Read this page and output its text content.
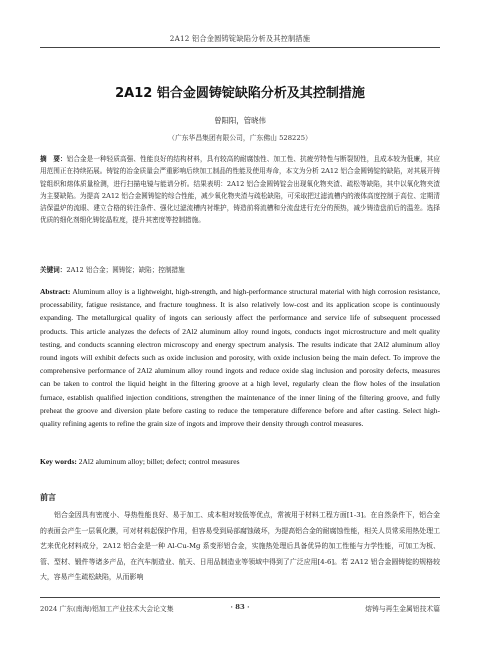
2A12 铝合金圆铸锭缺陷分析及其控制措施
2A12 铝合金圆铸锭缺陷分析及其控制措施
曾阳阳，管晓伟
（广东华昌集团有限公司，广东佛山 528225）
摘　要：铝合金是一种轻质高强、性能良好的结构材料，具有较高的耐腐蚀性、加工性、抗疲劳特性与断裂韧性，且成本较为低廉，其应用范围正在持续拓展。铸锭的冶金质量会严重影响后续加工制品的性能及使用寿命，本文为分析 2A12 铝合金圆铸锭的缺陷，对其展开铸锭组织和熔体质量检测，进行扫描电镜与能谱分析。结果表明：2A12 铝合金圆铸锭会出现氧化物夹渣、疏松等缺陷，其中以氧化物夹渣为主要缺陷。为提高 2A12 铝合金圆铸锭的综合性能，减少氧化物夹渣与疏松缺陷，可采取把过滤流槽内的液体高度控制于高位、定期清洁保温炉的流眼、建立合格的转注条件、强化过滤流槽内衬维护，铸造前将流槽和分流盘进行充分的预热，减少铸造盘前后的温差。选择优质的细化剂细化铸锭晶粒度，提升其密度等控制措施。
关键词：2A12 铝合金；圆铸锭；缺陷；控制措施
Abstract: Aluminum alloy is a lightweight, high-strength, and high-performance structural material with high corrosion resistance, processability, fatigue resistance, and fracture toughness. It is also relatively low-cost and its application scope is continuously expanding. The metallurgical quality of ingots can seriously affect the performance and service life of subsequent processed products. This article analyzes the defects of 2Al2 aluminum alloy round ingots, conducts ingot microstructure and melt quality testing, and conducts scanning electron microscopy and energy spectrum analysis. The results indicate that 2Al2 aluminum alloy round ingots will exhibit defects such as oxide inclusion and porosity, with oxide inclusion being the main defect. To improve the comprehensive performance of 2Al2 aluminum alloy round ingots and reduce oxide slag inclusion and porosity defects, measures can be taken to control the liquid height in the filtering groove at a high level, regularly clean the flow holes of the insulation furnace, establish qualified injection conditions, strengthen the maintenance of the inner lining of the filtering groove, and fully preheat the groove and diversion plate before casting to reduce the temperature difference before and after casting. Select high-quality refining agents to refine the grain size of ingots and improve their density through control measures.
Key words: 2Al2 aluminum alloy; billet; defect; control measures
前言
铝合金因具有密度小、导热性能良好、易于加工、成本相对较低等优点，常被用于材料工程方面[1-3]。在自然条件下，铝合金的表面会产生一层氧化膜，可对材料起保护作用，但容易受到局部腐蚀破坏，为提高铝合金的耐腐蚀性能，相关人员常采用热处理工艺来优化材料成分，2A12 铝合金是一种 Al-Cu-Mg 系变形铝合金，实施热处理后具备优异的加工性能与力学性能，可加工为板、管、型材、锻件等诸多产品，在汽车制造业、航天、日用品制造业等领域中得到了广泛应用[4-6]。若 2A12 铝合金圆铸锭的规格较大，容易产生疏松缺陷，从而影响
2024 广东(南海)铝加工产业技术大会论文集	· 83 ·	熔铸与再生金属铝技术篇
